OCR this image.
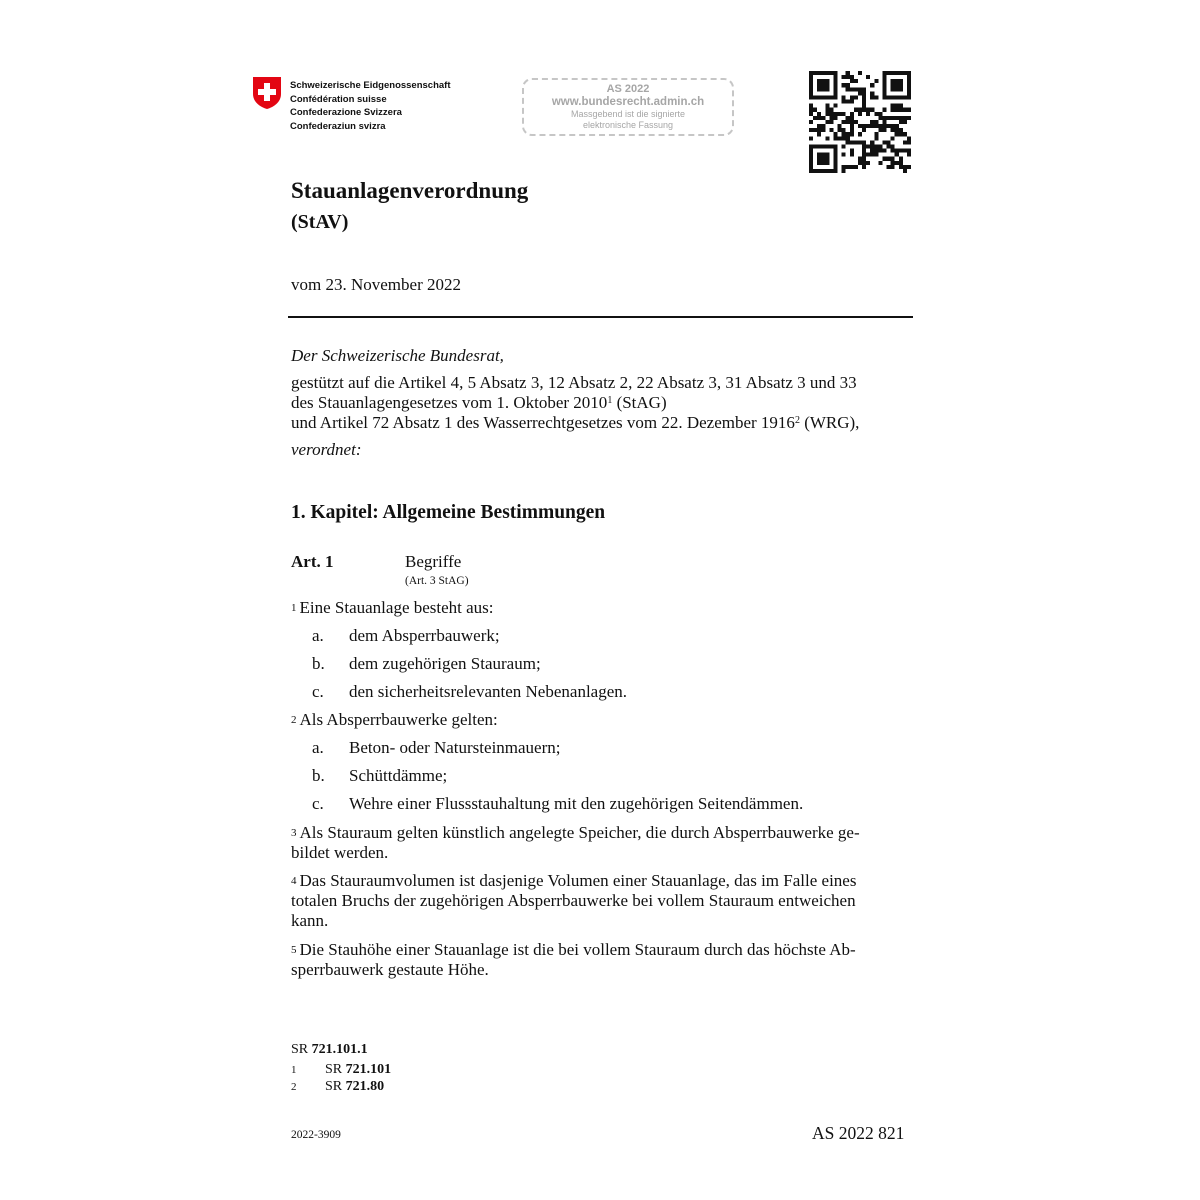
Schweizerische Eidgenossenschaft
Confédération suisse
Confederazione Svizzera
Confederaziun svizra
AS 2022
www.bundesrecht.admin.ch
Massgebend ist die signierte
elektronische Fassung
Stauanlagenverordnung
(StAV)
vom 23. November 2022
Der Schweizerische Bundesrat,
gestützt auf die Artikel 4, 5 Absatz 3, 12 Absatz 2, 22 Absatz 3, 31 Absatz 3 und 33
des Stauanlagengesetzes vom 1. Oktober 2010$^1$ (StAG)
und Artikel 72 Absatz 1 des Wasserrechtgesetzes vom 22. Dezember 1916$^2$ (WRG),
verordnet:
1. Kapitel: Allgemeine Bestimmungen
Art. 1	Begriffe
(Art. 3 StAG)
$^1$ Eine Stauanlage besteht aus:
a. dem Absperrbauwerk;
b. dem zugehörigen Stauraum;
c. den sicherheitsrelevanten Nebenanlagen.
$^2$ Als Absperrbauwerke gelten:
a. Beton- oder Natursteinmauern;
b. Schüttdämme;
c. Wehre einer Flussstauhaltung mit den zugehörigen Seitendämmen.
$^3$ Als Stauraum gelten künstlich angelegte Speicher, die durch Absperrbauwerke ge-
bildet werden.
$^4$ Das Stauraumvolumen ist dasjenige Volumen einer Stauanlage, das im Falle eines
totalen Bruchs der zugehörigen Absperrbauwerke bei vollem Stauraum entweichen
kann.
$^5$ Die Stauhöhe einer Stauanlage ist die bei vollem Stauraum durch das höchste Ab-
sperrbauwerk gestaute Höhe.
SR 721.101.1
1 SR 721.101
2 SR 721.80
2022-3909	AS 2022 821
